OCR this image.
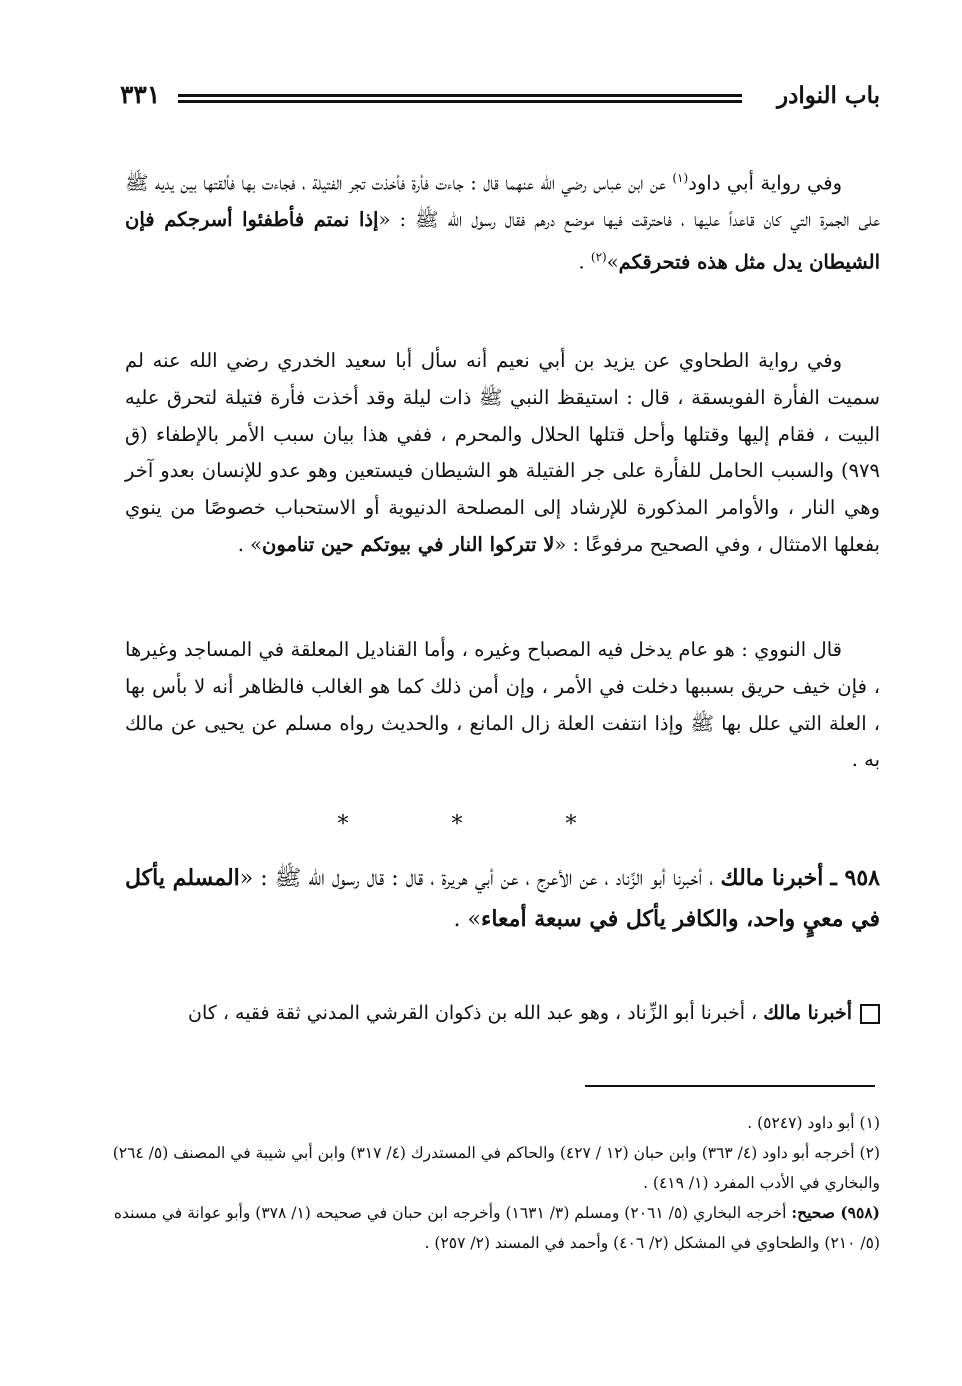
باب النوادر
٣٣١

وفي رواية أبي داود$^{(١)}$ عن ابن عباس رضي الله عنهما قال : جاءت فأرة فأخذت تجر الفتيلة ، فجاءت بها فألقتها بين يديه ﷺ على الجمرة التي كان قاعداً عليها ، فاحترقت فيها موضع درهم فقال رسول الله ﷺ : «إذا نمتم فأطفئوا أسرجكم فإن الشيطان يدل مثل هذه فتحرقكم»$^{(٢)}$ .

وفي رواية الطحاوي عن يزيد بن أبي نعيم أنه سأل أبا سعيد الخدري رضي الله عنه لم سميت الفأرة الفويسقة ، قال : استيقظ النبي ﷺ ذات ليلة وقد أخذت فأرة فتيلة لتحرق عليه البيت ، فقام إليها وقتلها وأحل قتلها الحلال والمحرم ، ففي هذا بيان سبب الأمر بالإطفاء (ق ٩٧٩) والسبب الحامل للفأرة على جر الفتيلة هو الشيطان فيستعين وهو عدو للإنسان بعدو آخر وهي النار ، والأوامر المذكورة للإرشاد إلى المصلحة الدنيوية أو الاستحباب خصوصًا من ينوي بفعلها الامتثال ، وفي الصحيح مرفوعًا : «لا تتركوا النار في بيوتكم حين تنامون» .

قال النووي : هو عام يدخل فيه المصباح وغيره ، وأما القناديل المعلقة في المساجد وغيرها ، فإن خيف حريق بسببها دخلت في الأمر ، وإن أمن ذلك كما هو الغالب فالظاهر أنه لا بأس بها ، العلة التي علل بها ﷺ وإذا انتفت العلة زال المانع ، والحديث رواه مسلم عن يحيى عن مالك به .

* * *

٩٥٨ ـ أخبرنا مالك ، أخبرنا أبو الزِّناد ، عن الأعرج ، عن أبي هريرة ، قال : قال رسول الله ﷺ : «المسلم يأكل في معيٍ واحد، والكافر يأكل في سبعة أمعاء» .

أخبرنا مالك ، أخبرنا أبو الزِّناد ، وهو عبد الله بن ذكوان القرشي المدني ثقة فقيه ، كان

(١) أبو داود (٥٢٤٧) .

(٢) أخرجه أبو داود (٤/ ٣٦٣) وابن حبان (١٢ / ٤٢٧) والحاكم في المستدرك (٤/ ٣١٧) وابن أبي شيبة في المصنف (٥/ ٢٦٤) والبخاري في الأدب المفرد (١/ ٤١٩) .

(٩٥٨) صحيح: أخرجه البخاري (٥/ ٢٠٦١) ومسلم (٣/ ١٦٣١) وأخرجه ابن حبان في صحيحه (١/ ٣٧٨) وأبو عوانة في مسنده (٥/ ٢١٠) والطحاوي في المشكل (٢/ ٤٠٦) وأحمد في المسند (٢/ ٢٥٧) .
